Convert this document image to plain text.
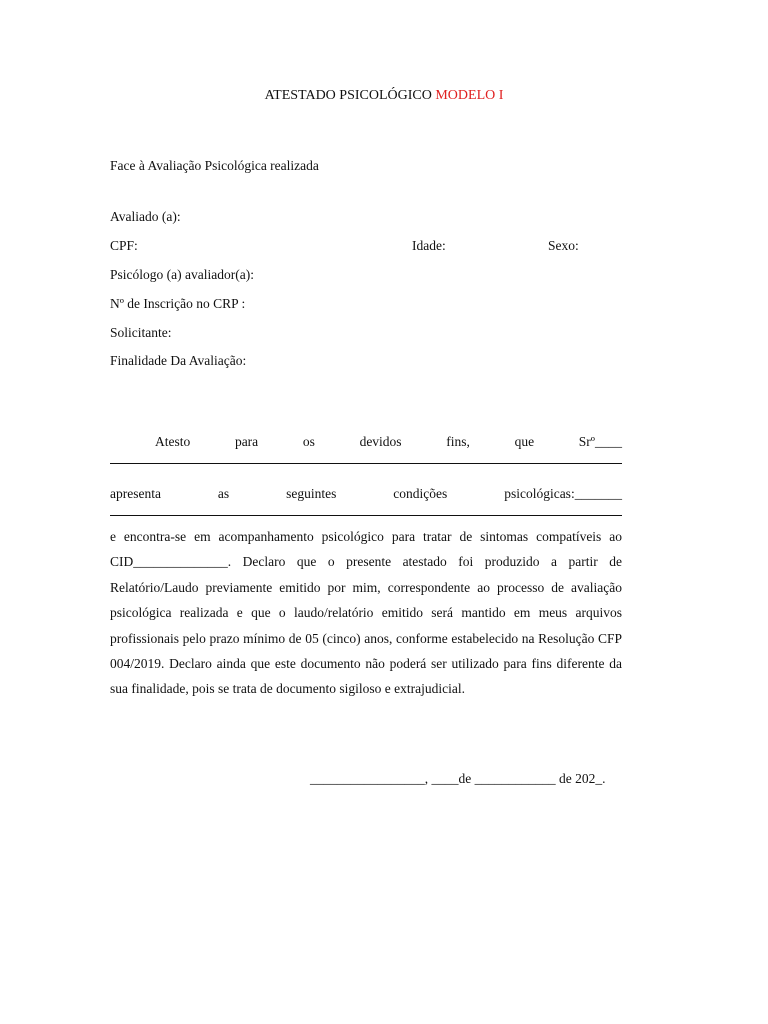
ATESTADO PSICOLÓGICO MODELO I
Face à Avaliação Psicológica realizada
Avaliado (a):
CPF:	Idade:	Sexo:
Psicólogo (a) avaliador(a):
Nº de Inscrição no CRP :
Solicitante:
Finalidade Da Avaliação:
Atesto	para	os	devidos	fins,	que	Srº____
apresenta	as	seguintes	condições	psicológicas:_______
e encontra-se em acompanhamento psicológico para tratar de sintomas compatíveis ao CID______________. Declaro que o presente atestado foi produzido a partir de Relatório/Laudo previamente emitido por mim, correspondente ao processo de avaliação psicológica realizada e que o laudo/relatório emitido será mantido em meus arquivos profissionais pelo prazo mínimo de 05 (cinco) anos, conforme estabelecido na Resolução CFP 004/2019. Declaro ainda que este documento não poderá ser utilizado para fins diferente da sua finalidade, pois se trata de documento sigiloso e extrajudicial.
_________________, ____de ____________ de 202_.
